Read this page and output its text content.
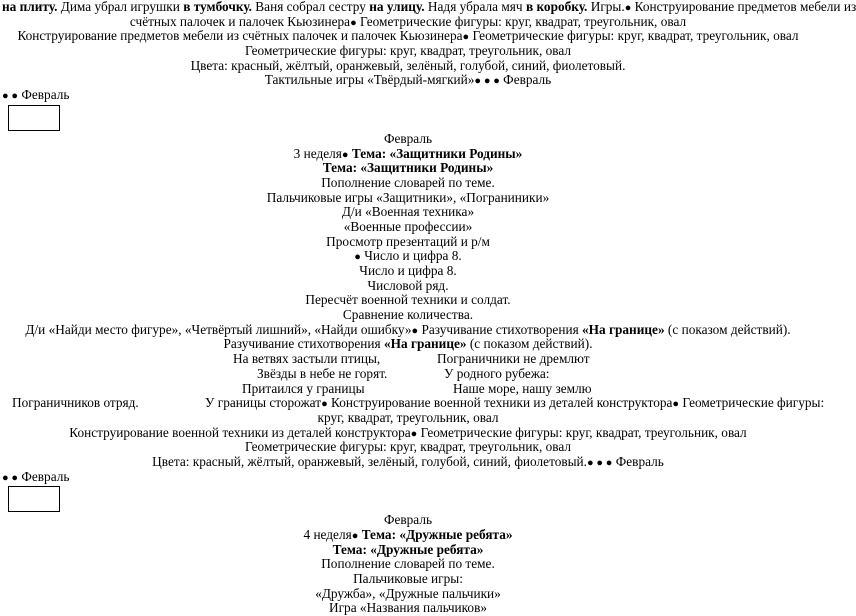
на плиту. Дима убрал игрушки в тумбочку. Ваня собрал сестру на улицу. Надя убрала мяч в коробку. Игры.● Конструирование предметов мебели из
счётных палочек и палочек Кьюзинера● Геометрические фигуры: круг, квадрат, треугольник, овал
Конструирование предметов мебели из счётных палочек и палочек Кьюзинера● Геометрические фигуры: круг, квадрат, треугольник, овал
Геометрические фигуры: круг, квадрат, треугольник, овал
Цвета: красный, жёлтый, оранжевый, зелёный, голубой, синий, фиолетовый.
Тактильные игры «Твёрдый-мягкий»● ● ● Февраль
● ● Февраль
Февраль
3 неделя● Тема: «Защитники Родины»
Тема: «Защитники Родины»
Пополнение словарей по теме.
Пальчиковые игры «Защитники», «Пограниники»
Д/и «Военная техника»
«Военные профессии»
Просмотр презентаций и р/м
● Число и цифра 8.
Число и цифра 8.
Числовой ряд.
Пересчёт военной техники и солдат.
Сравнение количества.
Д/и «Найди место фигуре», «Четвёртый лишний», «Найди ошибку»● Разучивание стихотворения «На границе» (с показом действий).
Разучивание стихотворения «На границе» (с показом действий).
На ветвях застыли птицы,	Пограничники не дремлют
Звёзды в небе не горят.	У родного рубежа:
Притаился у границы	Наше море, нашу землю
Пограничников отряд.	У границы сторожат● Конструирование военной техники из деталей конструктора● Геометрические фигуры:
круг, квадрат, треугольник, овал
Конструирование военной техники из деталей конструктора● Геометрические фигуры: круг, квадрат, треугольник, овал
Геометрические фигуры: круг, квадрат, треугольник, овал
Цвета: красный, жёлтый, оранжевый, зелёный, голубой, синий, фиолетовый.● ● ● Февраль
● ● Февраль
Февраль
4 неделя● Тема: «Дружные ребята»
Тема: «Дружные ребята»
Пополнение словарей по теме.
Пальчиковые игры:
«Дружба», «Дружные пальчики»
Игра «Названия пальчиков»
